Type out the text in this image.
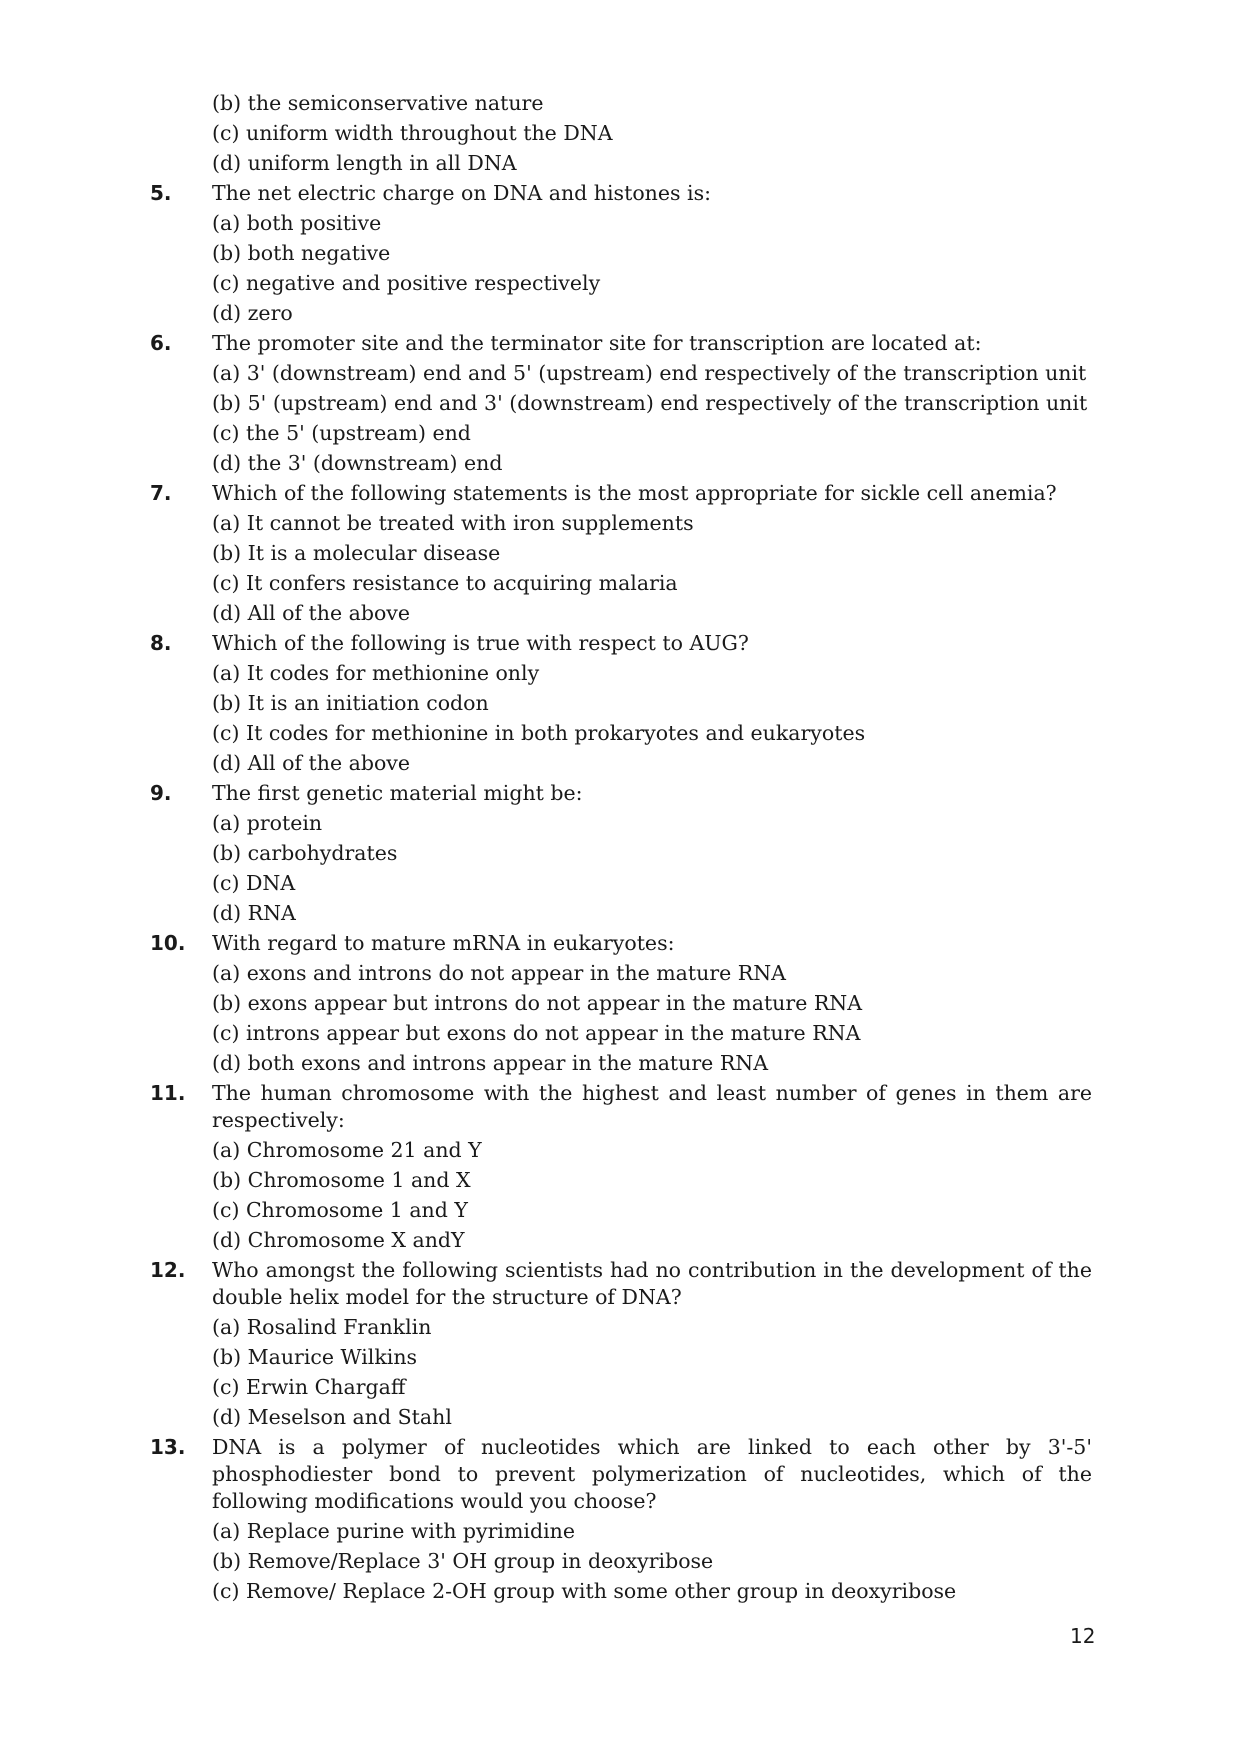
(b) the semiconservative nature
(c) uniform width throughout the DNA
(d) uniform length in all DNA
5. The net electric charge on DNA and histones is:
(a) both positive
(b) both negative
(c) negative and positive respectively
(d) zero
6. The promoter site and the terminator site for transcription are located at:
(a) 3' (downstream) end and 5' (upstream) end respectively of the transcription unit
(b) 5' (upstream) end and 3' (downstream) end respectively of the transcription unit
(c) the 5' (upstream) end
(d) the 3' (downstream) end
7. Which of the following statements is the most appropriate for sickle cell anemia?
(a) It cannot be treated with iron supplements
(b) It is a molecular disease
(c) It confers resistance to acquiring malaria
(d) All of the above
8. Which of the following is true with respect to AUG?
(a) It codes for methionine only
(b) It is an initiation codon
(c) It codes for methionine in both prokaryotes and eukaryotes
(d) All of the above
9. The first genetic material might be:
(a) protein
(b) carbohydrates
(c) DNA
(d) RNA
10. With regard to mature mRNA in eukaryotes:
(a) exons and introns do not appear in the mature RNA
(b) exons appear but introns do not appear in the mature RNA
(c) introns appear but exons do not appear in the mature RNA
(d) both exons and introns appear in the mature RNA
11. The human chromosome with the highest and least number of genes in them are respectively:
(a) Chromosome 21 and Y
(b) Chromosome 1 and X
(c) Chromosome 1 and Y
(d) Chromosome X andY
12. Who amongst the following scientists had no contribution in the development of the double helix model for the structure of DNA?
(a) Rosalind Franklin
(b) Maurice Wilkins
(c) Erwin Chargaff
(d) Meselson and Stahl
13. DNA is a polymer of nucleotides which are linked to each other by 3'-5' phosphodiester bond to prevent polymerization of nucleotides, which of the following modifications would you choose?
(a) Replace purine with pyrimidine
(b) Remove/Replace 3' OH group in deoxyribose
(c) Remove/ Replace 2-OH group with some other group in deoxyribose
12
